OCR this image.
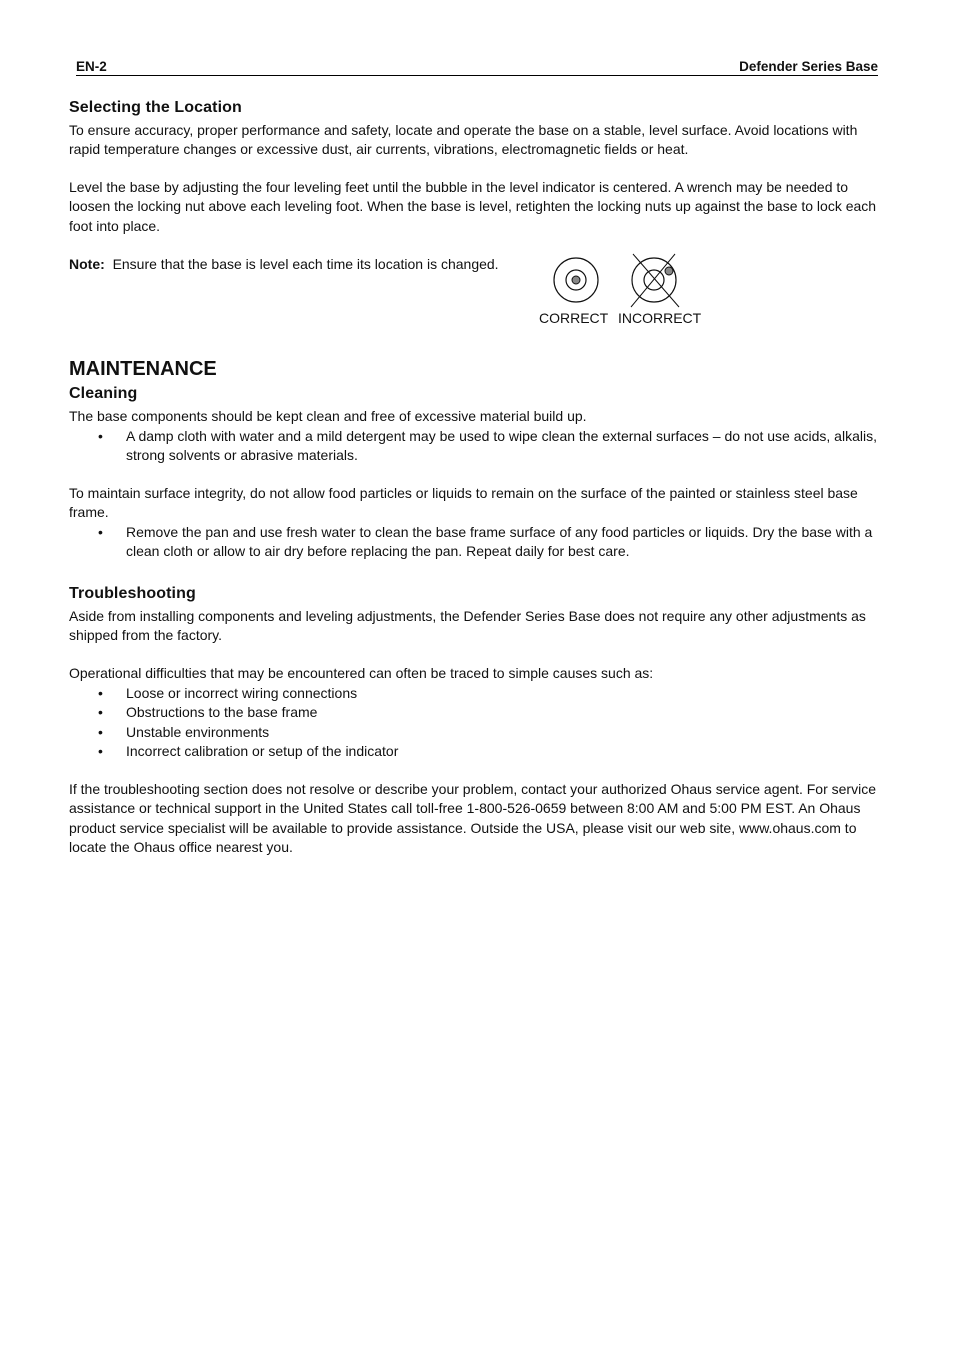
EN-2	Defender Series Base
Selecting the Location

To ensure accuracy, proper performance and safety, locate and operate the base on a stable, level surface. Avoid locations with rapid temperature changes or excessive dust, air currents, vibrations, electromagnetic fields or heat.

Level the base by adjusting the four leveling feet until the bubble in the level indicator is centered. A wrench may be needed to loosen the locking nut above each leveling foot. When the base is level, retighten the locking nuts up against the base to lock each foot into place.

Note: Ensure that the base is level each time its location is changed.

CORRECT INCORRECT
MAINTENANCE
Cleaning

The base components should be kept clean and free of excessive material build up.

• A damp cloth with water and a mild detergent may be used to wipe clean the external surfaces – do not use acids, alkalis, strong solvents or abrasive materials.

To maintain surface integrity, do not allow food particles or liquids to remain on the surface of the painted or stainless steel base frame.

• Remove the pan and use fresh water to clean the base frame surface of any food particles or liquids. Dry the base with a clean cloth or allow to air dry before replacing the pan. Repeat daily for best care.
Troubleshooting

Aside from installing components and leveling adjustments, the Defender Series Base does not require any other adjustments as shipped from the factory.

Operational difficulties that may be encountered can often be traced to simple causes such as:

• Loose or incorrect wiring connections
• Obstructions to the base frame
• Unstable environments
• Incorrect calibration or setup of the indicator

If the troubleshooting section does not resolve or describe your problem, contact your authorized Ohaus service agent. For service assistance or technical support in the United States call toll-free 1-800-526-0659 between 8:00 AM and 5:00 PM EST. An Ohaus product service specialist will be available to provide assistance. Outside the USA, please visit our web site, www.ohaus.com to locate the Ohaus office nearest you.
